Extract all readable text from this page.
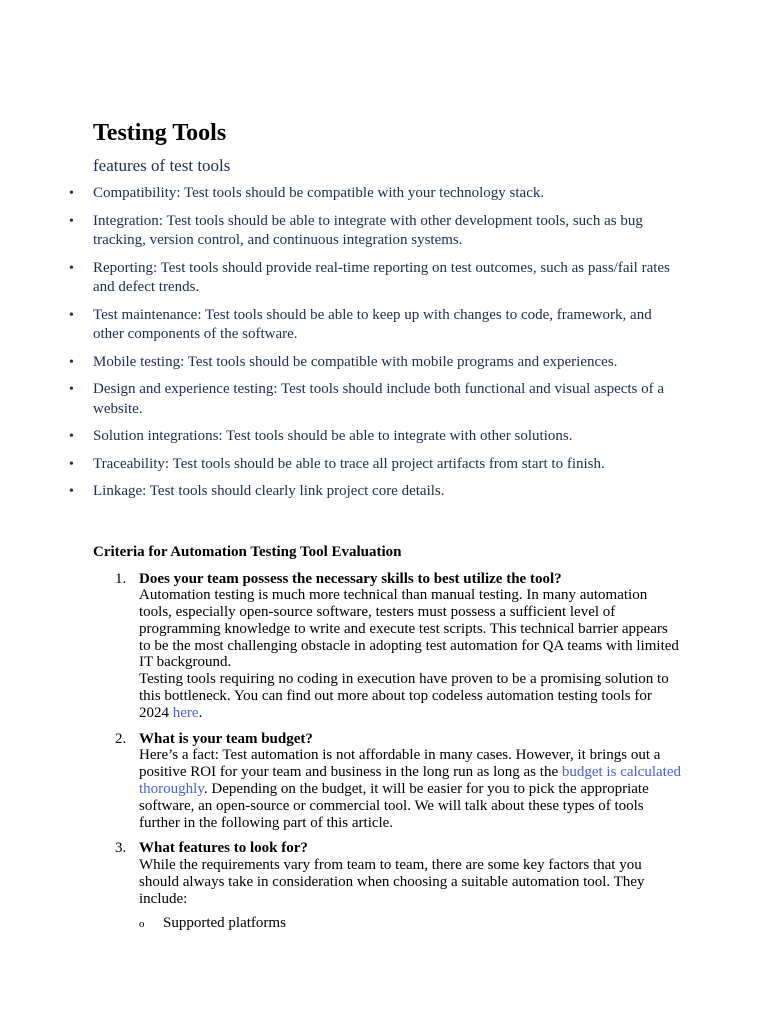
Testing Tools
features of test tools
• Compatibility: Test tools should be compatible with your technology stack.
• Integration: Test tools should be able to integrate with other development tools, such as bug tracking, version control, and continuous integration systems.
• Reporting: Test tools should provide real-time reporting on test outcomes, such as pass/fail rates and defect trends.
• Test maintenance: Test tools should be able to keep up with changes to code, framework, and other components of the software.
• Mobile testing: Test tools should be compatible with mobile programs and experiences.
• Design and experience testing: Test tools should include both functional and visual aspects of a website.
• Solution integrations: Test tools should be able to integrate with other solutions.
• Traceability: Test tools should be able to trace all project artifacts from start to finish.
• Linkage: Test tools should clearly link project core details.
Criteria for Automation Testing Tool Evaluation
1. Does your team possess the necessary skills to best utilize the tool?
Automation testing is much more technical than manual testing. In many automation tools, especially open-source software, testers must possess a sufficient level of programming knowledge to write and execute test scripts. This technical barrier appears to be the most challenging obstacle in adopting test automation for QA teams with limited IT background.
Testing tools requiring no coding in execution have proven to be a promising solution to this bottleneck. You can find out more about top codeless automation testing tools for 2024 here.
2. What is your team budget?
Here’s a fact: Test automation is not affordable in many cases. However, it brings out a positive ROI for your team and business in the long run as long as the budget is calculated thoroughly. Depending on the budget, it will be easier for you to pick the appropriate software, an open-source or commercial tool. We will talk about these types of tools further in the following part of this article.
3. What features to look for?
While the requirements vary from team to team, there are some key factors that you should always take in consideration when choosing a suitable automation tool. They include:
o Supported platforms
